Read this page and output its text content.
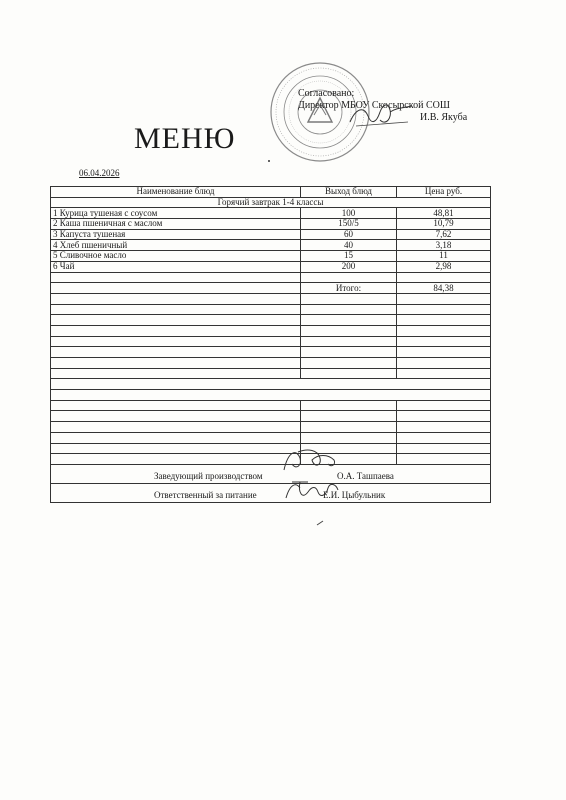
Согласовано:
Директор МБОУ Скосырской СОШ
И.В. Якуба
МЕНЮ
06.04.2026
Наименование блюд	Выход блюд	Цена руб.
Горячий завтрак 1-4 классы		
1 Курица тушеная с соусом	100	48,81
2 Каша пшеничная с маслом	150/5	10,79
3 Капуста тушеная	60	7,62
4 Хлеб пшеничный	40	3,18
5 Сливочное масло	15	11
6 Чай	200	2,98

	Итого:	84,38

Заведующий производством О.А. Ташпаева		

Ответственный за питание Е.И. Цыбульник		
